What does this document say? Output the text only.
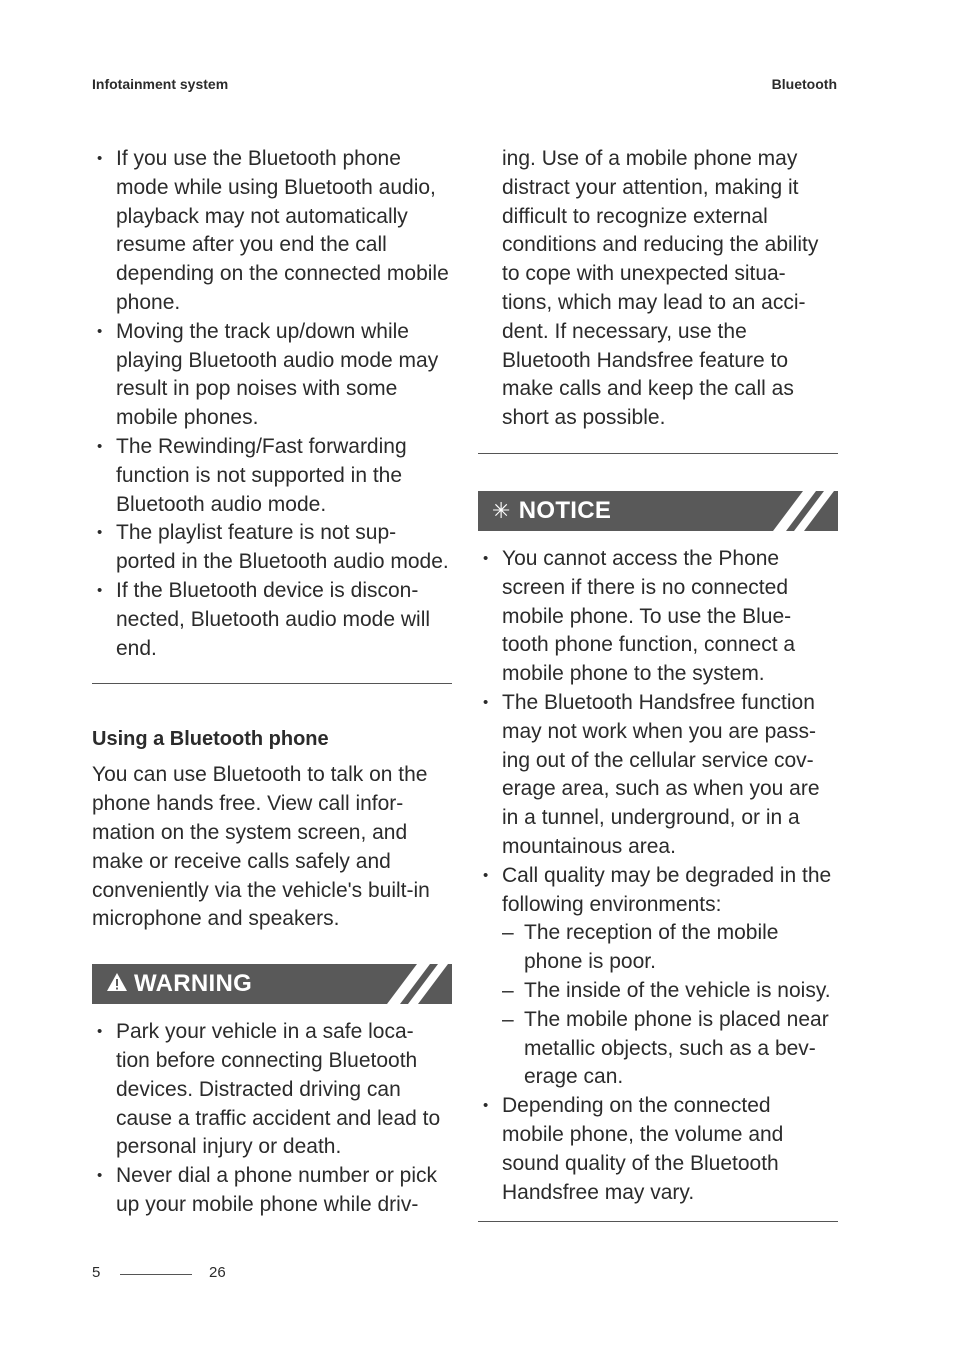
Infotainment system	Bluetooth
• If you use the Bluetooth phone mode while using Bluetooth audio, playback may not automatically resume after you end the call depending on the connected mobile phone.
• Moving the track up/down while playing Bluetooth audio mode may result in pop noises with some mobile phones.
• The Rewinding/Fast forwarding function is not supported in the Bluetooth audio mode.
• The playlist feature is not sup‐ ported in the Bluetooth audio mode.
• If the Bluetooth device is discon‐ nected, Bluetooth audio mode will end.
Using a Bluetooth phone

You can use Bluetooth to talk on the phone hands free. View call infor‐ mation on the system screen, and make or receive calls safely and conveniently via the vehicle's built-in microphone and speakers.

WARNING
• Park your vehicle in a safe loca‐ tion before connecting Bluetooth devices. Distracted driving can cause a traffic accident and lead to personal injury or death.
• Never dial a phone number or pick up your mobile phone while driv‐
ing. Use of a mobile phone may distract your attention, making it difficult to recognize external conditions and reducing the ability to cope with unexpected situa‐ tions, which may lead to an acci‐ dent. If necessary, use the Bluetooth Handsfree feature to make calls and keep the call as short as possible.
✳ NOTICE
• You cannot access the Phone screen if there is no connected mobile phone. To use the Blue‐ tooth phone function, connect a mobile phone to the system.
• The Bluetooth Handsfree function may not work when you are pass‐ ing out of the cellular service cov‐ erage area, such as when you are in a tunnel, underground, or in a mountainous area.
• Call quality may be degraded in the following environments:
– The reception of the mobile phone is poor.
– The inside of the vehicle is noisy.
– The mobile phone is placed near metallic objects, such as a bev‐ erage can.
• Depending on the connected mobile phone, the volume and sound quality of the Bluetooth Handsfree may vary.
5	26
